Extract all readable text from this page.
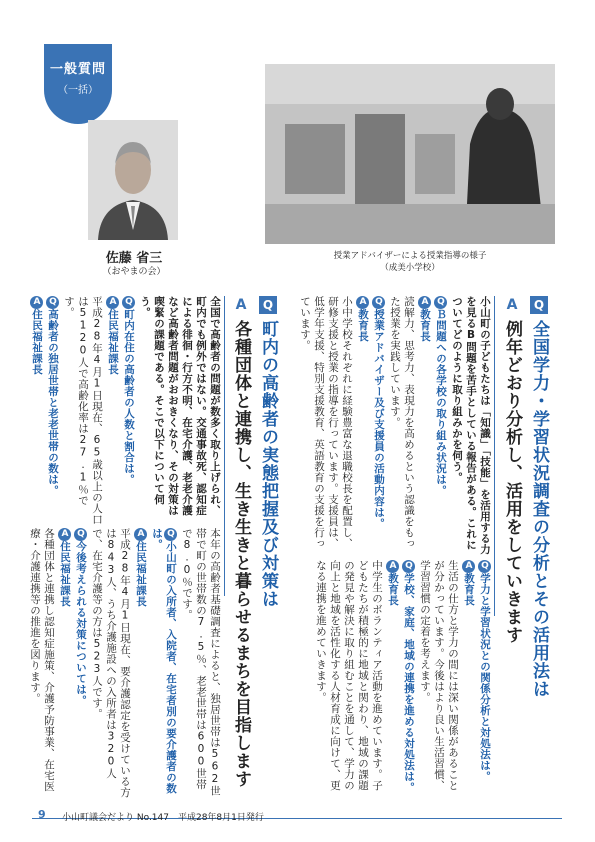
一般質問
（一括）
佐藤 省三
（おやまの会）
授業アドバイザーによる授業指導の様子
（成美小学校）
Q全国学力・学習状況調査の分析とその活用法は
A例年どおり分析し、活用をしていきます
小山町の子どもたちは「知識」「技能」を活用する力を見るB問題を苦手としている報告がある。これについてどのように取り組みかを伺う。
QＢ問題への各学校の取り組み状況は。
A教育長
読解力、思考力、表現力を高めるという認識をもった授業を実践しています。
Q授業アドバイザー及び支援員の活動内容は。
A教育長
小中学校それぞれに経験豊富な退職校長を配置し、研修支援と授業の指導を行っています。支援員は、低学年支援、特別支援教育、英語教育の支援を行っています。
Q学力と学習状況との関係分析と対処法は。
A教育長
生活の仕方と学力の間には深い関係があることが分かっています。今後はより良い生活習慣、学習習慣の定着を考えます。
Q学校、家庭、地域の連携を進める対処法は。
A教育長
中学生のボランティア活動を進めています。子どもたちが積極的に地域と関わり、地域の課題の発見や解決に取り組むことを通して、学力の向上と地域を活性化する人材育成に向けて、更なる連携を進めていきます。
Q町内の高齢者の実態把握及び対策は
A各種団体と連携し、生き生きと暮らせるまちを目指します
全国で高齢者の問題が数多く取り上げられ、町内でも例外ではない。交通事故死、認知症による徘徊・行方不明、在宅介護、老老介護など高齢者問題がおおきくなり、その対策は喫緊の課題である。そこで以下について伺う。
Q町内在住の高齢者の人数と割合は。
A住民福祉課長
平成28年4月1日現在、65歳以上の人口は5120人で高齢化率は27.1％です。
Q高齢者の独居世帯と老老世帯の数は。
A住民福祉課長
本年の高齢者基礎調査によると、独居世帯は562世帯で町の世帯数の7.5％、老老世帯は600世帯で8.0％です。
Q小山町の入所者、入院者、在宅者別の要介護者の数は。
A住民福祉課長
平成28年4月1日現在、要介護認定を受けている方は843人、うち介護施設への入所者は320人で、在宅介護等の方は523人です。
Q今後考えられる対策については。
A住民福祉課長
各種団体と連携し認知症施策、介護予防事業、在宅医療・介護連携等の推進を図ります。
9 小山町議会だより No.147　平成28年8月1日発行
